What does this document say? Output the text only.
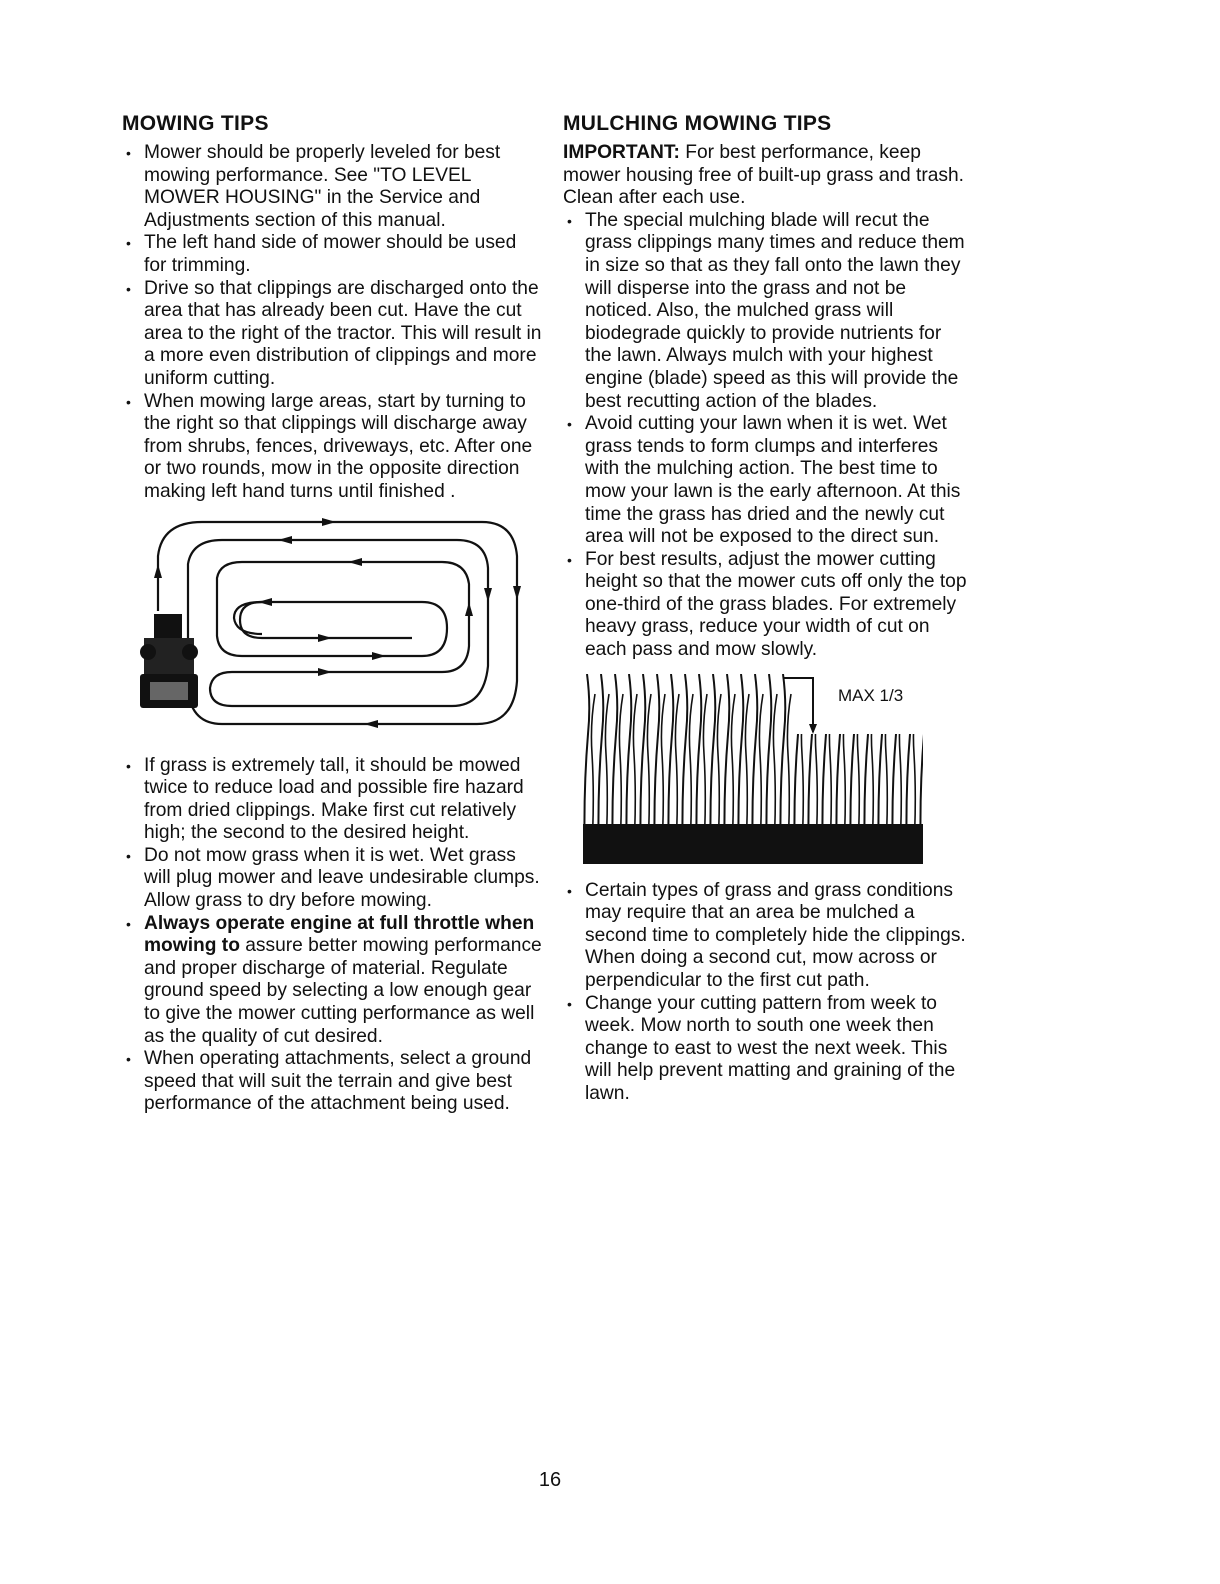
MOWING TIPS
• Mower should be properly leveled for best mowing performance. See "TO LEVEL MOWER HOUSING" in the Service and Adjustments section of this manual.
• The left hand side of mower should be used for trimming.
• Drive so that clippings are discharged onto the area that has already been cut. Have the cut area to the right of the tractor. This will result in a more even distribution of clippings and more uniform cutting.
• When mowing large areas, start by turning to the right so that clippings will discharge away from shrubs, fences, driveways, etc. After one or two rounds, mow in the opposite direction making left hand turns until finished .
• If grass is extremely tall, it should be mowed twice to reduce load and possible fire hazard from dried clippings. Make first cut relatively high; the second to the desired height.
• Do not mow grass when it is wet. Wet grass will plug mower and leave undesirable clumps. Allow grass to dry before mowing.
• Always operate engine at full throttle when mowing to assure better mowing performance and proper discharge of material. Regulate ground speed by selecting a low enough gear to give the mower cutting performance as well as the quality of cut desired.
• When operating attachments, select a ground speed that will suit the terrain and give best performance of the attachment being used.
MULCHING MOWING TIPS

IMPORTANT: For best performance, keep mower housing free of built-up grass and trash. Clean after each use.

• The special mulching blade will recut the grass clippings many times and reduce them in size so that as they fall onto the lawn they will disperse into the grass and not be noticed. Also, the mulched grass will biodegrade quickly to provide nutrients for the lawn. Always mulch with your highest engine (blade) speed as this will provide the best recutting action of the blades.
• Avoid cutting your lawn when it is wet. Wet grass tends to form clumps and interferes with the mulching action. The best time to mow your lawn is the early afternoon. At this time the grass has dried and the newly cut area will not be exposed to the direct sun.
• For best results, adjust the mower cutting height so that the mower cuts off only the top one-third of the grass blades. For extremely heavy grass, reduce your width of cut on each pass and mow slowly.
MAX 1/3
• Certain types of grass and grass conditions may require that an area be mulched a second time to completely hide the clippings. When doing a second cut, mow across or perpendicular to the first cut path.
• Change your cutting pattern from week to week. Mow north to south one week then change to east to west the next week. This will help prevent matting and graining of the lawn.
16
